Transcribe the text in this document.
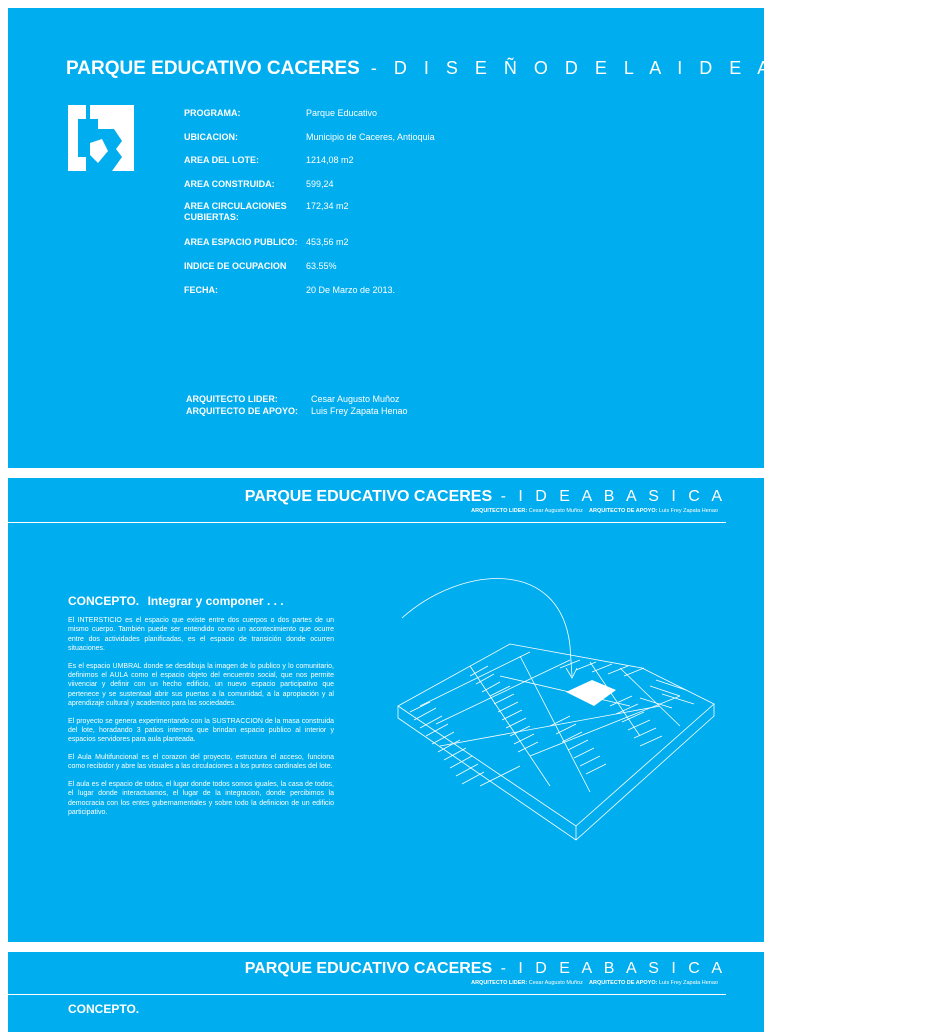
PARQUE EDUCATIVO CACERES - D I S E Ñ O D E L A I D E A B A S I C A
PROGRAMA:	Parque Educativo
UBICACION:	Municipio de Caceres, Antioquia
AREA DEL LOTE:	1214,08 m2
AREA CONSTRUIDA:	599,24
AREA CIRCULACIONES CUBIERTAS:
172,34 m2
AREA ESPACIO PUBLICO: 453,56 m2
INDICE DE OCUPACION	63.55%
FECHA:	20 De Marzo de 2013.
ARQUITECTO LIDER:	Cesar Augusto Muñoz
ARQUITECTO DE APOYO: Luis Frey Zapata Henao
PARQUE EDUCATIVO CACERES - I D E A B A S I C A
ARQUITECTO LIDER: Cesar Augusto Muñoz ARQUITECTO DE APOYO: Luis Frey Zapata Henao
CONCEPTO. Integrar y componer . . .

El INTERSTICIO es el espacio que existe entre dos cuerpos o dos partes de un mismo cuerpo. También puede ser entendido como un acontecimiento que ocurre entre dos actividades planificadas, es el espacio de transición donde ocurren situaciones.

Es el espacio UMBRAL donde se desdibuja la imagen de lo publico y lo comunitario, definimos el AULA como el espacio objeto del encuentro social, que nos permite viivenciar y definir con un hecho edificio, un nuevo espacio participativo que pertenece y se sustentaal abrir sus puertas a la comunidad, a la apropiación y al aprendizaje cultural y academico para las sociedades.

El proyecto se genera experimentando con la SUSTRACCION de la masa construida del lote, horadando 3 patios internos que brindan espacio publico al interior y espacios servidores para aula planteada.

El Aula Multifuncional es el corazon del proyecto, estructura el acceso, funciona como recibidor y abre las visuales a las circulaciones a los puntos cardinales del lote.

El aula es el espacio de todos, el lugar donde todos somos iguales, la casa de todos, el lugar donde interactuamos, el lugar de la integracion, donde percibimos la democracia con los entes gubernamentales y sobre todo la definicion de un edificio participativo.

PARQUE EDUCATIVO CACERES - I D E A B A S I C A
ARQUITECTO LIDER: Cesar Augusto Muñoz ARQUITECTO DE APOYO: Luis Frey Zapata Henao
CONCEPTO.
